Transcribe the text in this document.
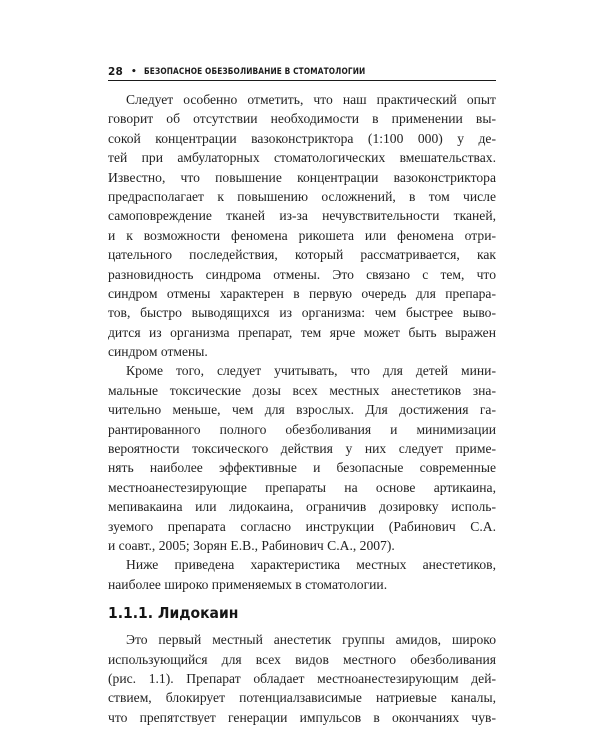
28 • БЕЗОПАСНОЕ ОБЕЗБОЛИВАНИЕ В СТОМАТОЛОГИИ
Следует особенно отметить, что наш практический опыт
говорит об отсутствии необходимости в применении вы-
сокой концентрации вазоконстриктора (1:100 000) у де-
тей при амбулаторных стоматологических вмешательствах.
Известно, что повышение концентрации вазоконстриктора
предрасполагает к повышению осложнений, в том числе
самоповреждение тканей из-за нечувствительности тканей,
и к возможности феномена рикошета или феномена отри-
цательного последействия, который рассматривается, как
разновидность синдрома отмены. Это связано с тем, что
синдром отмены характерен в первую очередь для препара-
тов, быстро выводящихся из организма: чем быстрее выво-
дится из организма препарат, тем ярче может быть выражен
синдром отмены.
Кроме того, следует учитывать, что для детей мини-
мальные токсические дозы всех местных анестетиков зна-
чительно меньше, чем для взрослых. Для достижения га-
рантированного полного обезболивания и минимизации
вероятности токсического действия у них следует приме-
нять наиболее эффективные и безопасные современные
местноанестезирующие препараты на основе артикаина,
мепивакаина или лидокаина, ограничив дозировку исполь-
зуемого препарата согласно инструкции (Рабинович С.А.
и соавт., 2005; Зорян Е.В., Рабинович С.А., 2007).
Ниже приведена характеристика местных анестетиков,
наиболее широко применяемых в стоматологии.
1.1.1. Лидокаин
Это первый местный анестетик группы амидов, широко
использующийся для всех видов местного обезболивания
(рис. 1.1). Препарат обладает местноанестезирующим дей-
ствием, блокирует потенциалзависимые натриевые каналы,
что препятствует генерации импульсов в окончаниях чув-
